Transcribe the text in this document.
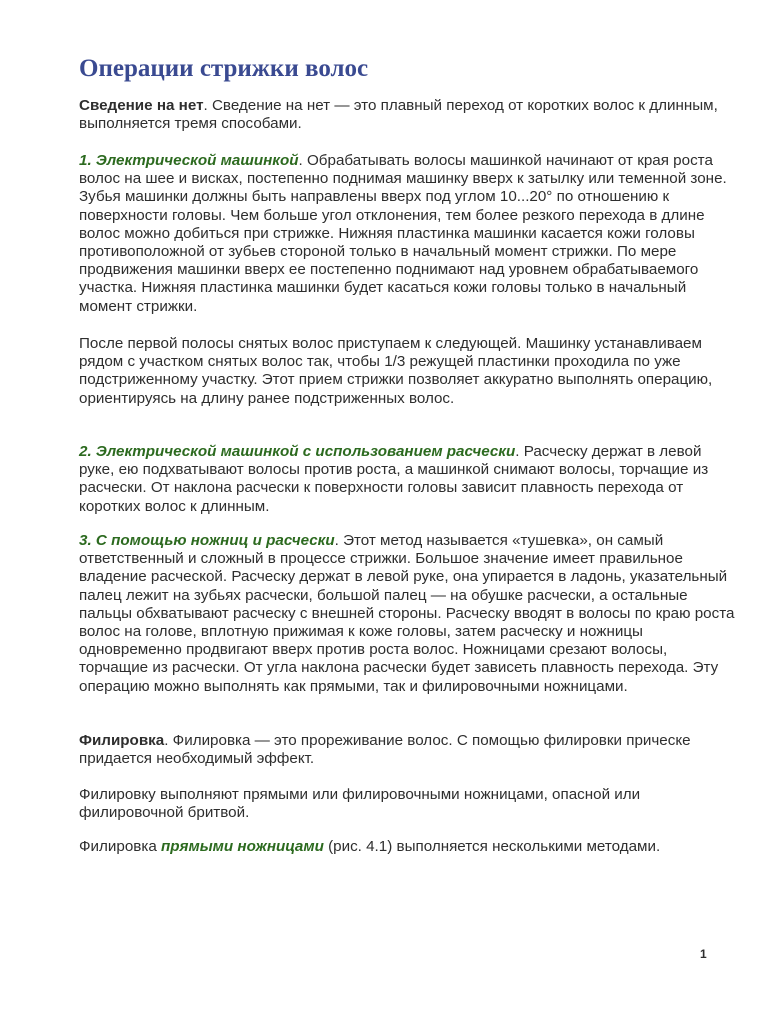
Операции стрижки волос

Сведение на нет. Сведение на нет — это плавный переход от коротких волос к длинным, выполняется тремя способами.

1. Электрической машинкой. Обрабатывать волосы машинкой начинают от края роста волос на шее и висках, постепенно поднимая машинку вверх к затылку или теменной зоне. Зубья машинки должны быть направлены вверх под углом 10...20° по отношению к поверхности головы. Чем больше угол отклонения, тем более резкого перехода в длине волос можно добиться при стрижке. Нижняя пластинка машинки касается кожи головы противоположной от зубьев стороной только в начальный момент стрижки. По мере продвижения машинки вверх ее постепенно поднимают над уровнем обрабатываемого участка. Нижняя пластинка машинки будет касаться кожи головы только в начальный момент стрижки.

После первой полосы снятых волос приступаем к следующей. Машинку устанавливаем рядом с участком снятых волос так, чтобы 1/3 режущей пластинки проходила по уже подстриженному участку. Этот прием стрижки позволяет аккуратно выполнять операцию, ориентируясь на длину ранее подстриженных волос.

2. Электрической машинкой с использованием расчески. Расческу держат в левой руке, ею подхватывают волосы против роста, а машинкой снимают волосы, торчащие из расчески. От наклона расчески к поверхности головы зависит плавность перехода от коротких волос к длинным.

3. С помощью ножниц и расчески. Этот метод называется «тушевка», он самый ответственный и сложный в процессе стрижки. Большое значение имеет правильное владение расческой. Расческу держат в левой руке, она упирается в ладонь, указательный палец лежит на зубьях расчески, большой палец — на обушке расчески, а остальные пальцы обхватывают расческу с внешней стороны. Расческу вводят в волосы по краю роста волос на голове, вплотную прижимая к коже головы, затем расческу и ножницы одновременно продвигают вверх против роста волос. Ножницами срезают волосы, торчащие из расчески. От угла наклона расчески будет зависеть плавность перехода. Эту операцию можно выполнять как прямыми, так и филировочными ножницами.

Филировка. Филировка — это прореживание волос. С помощью филировки прическе придается необходимый эффект.

Филировку выполняют прямыми или филировочными ножницами, опасной или филировочной бритвой.

Филировка прямыми ножницами (рис. 4.1) выполняется несколькими методами.

1
